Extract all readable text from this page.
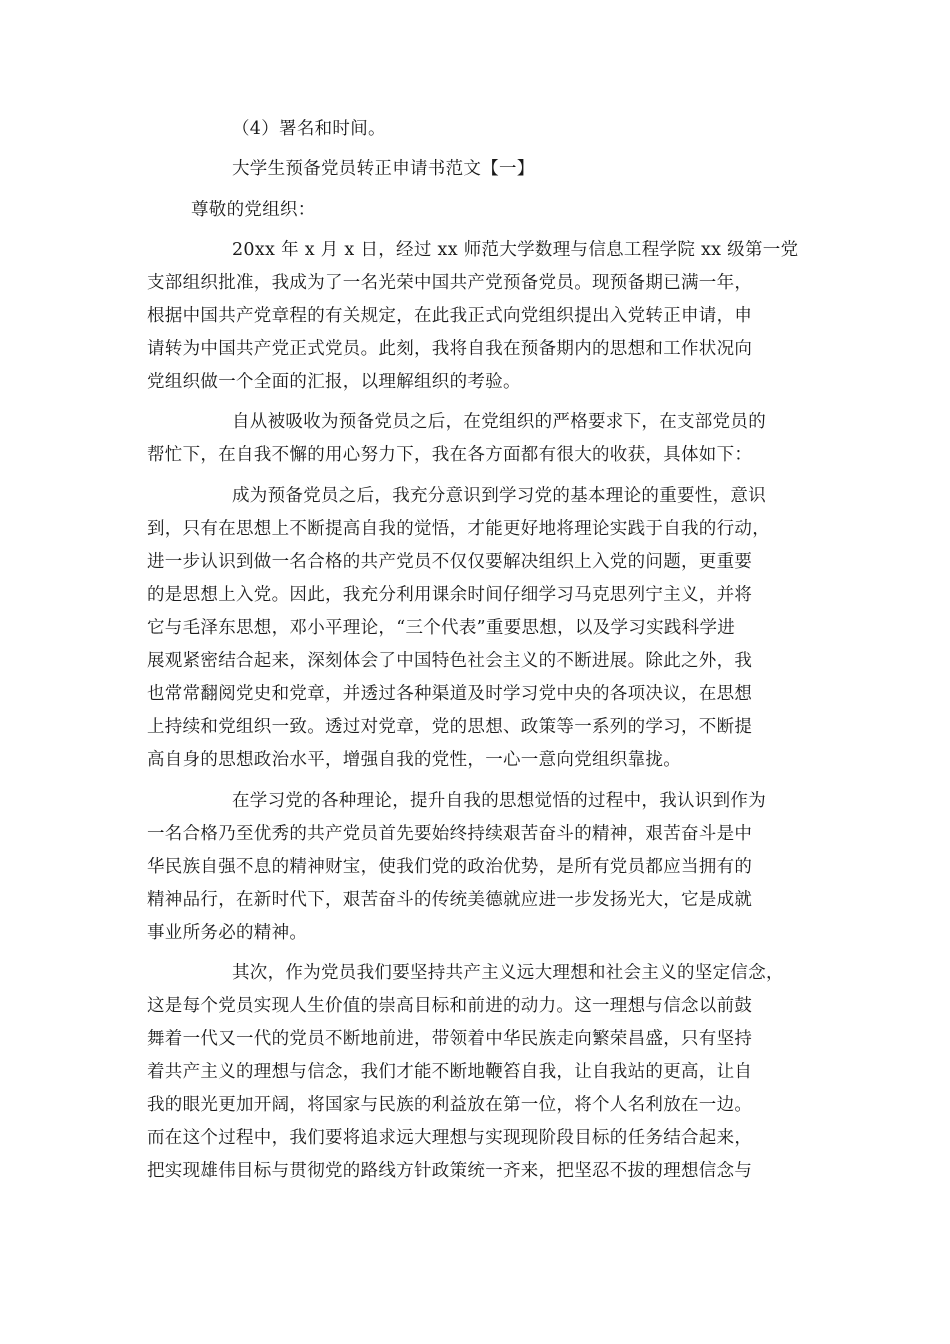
（4）署名和时间。
大学生预备党员转正申请书范文【一】
尊敬的党组织：
20xx 年 x 月 x 日，经过 xx 师范大学数理与信息工程学院 xx 级第一党
支部组织批准，我成为了一名光荣中国共产党预备党员。现预备期已满一年，
根据中国共产党章程的有关规定，在此我正式向党组织提出入党转正申请，申
请转为中国共产党正式党员。此刻，我将自我在预备期内的思想和工作状况向
党组织做一个全面的汇报，以理解组织的考验。
自从被吸收为预备党员之后，在党组织的严格要求下，在支部党员的
帮忙下，在自我不懈的用心努力下，我在各方面都有很大的收获，具体如下：
成为预备党员之后，我充分意识到学习党的基本理论的重要性，意识
到，只有在思想上不断提高自我的觉悟，才能更好地将理论实践于自我的行动，
进一步认识到做一名合格的共产党员不仅仅要解决组织上入党的问题，更重要
的是思想上入党。因此，我充分利用课余时间仔细学习马克思列宁主义，并将
它与毛泽东思想，邓小平理论，“三个代表”重要思想，以及学习实践科学进
展观紧密结合起来，深刻体会了中国特色社会主义的不断进展。除此之外，我
也常常翻阅党史和党章，并透过各种渠道及时学习党中央的各项决议，在思想
上持续和党组织一致。透过对党章，党的思想、政策等一系列的学习，不断提
高自身的思想政治水平，增强自我的党性，一心一意向党组织靠拢。
在学习党的各种理论，提升自我的思想觉悟的过程中，我认识到作为
一名合格乃至优秀的共产党员首先要始终持续艰苦奋斗的精神，艰苦奋斗是中
华民族自强不息的精神财宝，使我们党的政治优势，是所有党员都应当拥有的
精神品行，在新时代下，艰苦奋斗的传统美德就应进一步发扬光大，它是成就
事业所务必的精神。
其次，作为党员我们要坚持共产主义远大理想和社会主义的坚定信念，
这是每个党员实现人生价值的崇高目标和前进的动力。这一理想与信念以前鼓
舞着一代又一代的党员不断地前进，带领着中华民族走向繁荣昌盛，只有坚持
着共产主义的理想与信念，我们才能不断地鞭笞自我，让自我站的更高，让自
我的眼光更加开阔，将国家与民族的利益放在第一位，将个人名利放在一边。
而在这个过程中，我们要将追求远大理想与实现现阶段目标的任务结合起来，
把实现雄伟目标与贯彻党的路线方针政策统一齐来，把坚忍不拔的理想信念与
